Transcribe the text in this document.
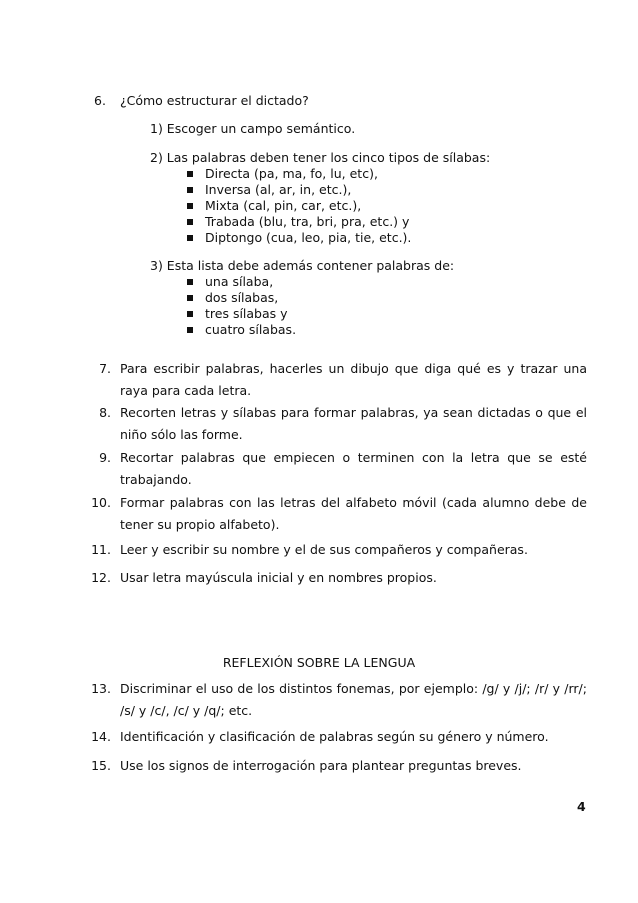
6. ¿Cómo estructurar el dictado?
1) Escoger un campo semántico.
2) Las palabras deben tener los cinco tipos de sílabas:
Directa (pa, ma, fo, lu, etc),
Inversa (al, ar, in, etc.),
Mixta (cal, pin, car, etc.),
Trabada (blu, tra, bri, pra, etc.) y
Diptongo (cua, leo, pia, tie, etc.).
3) Esta lista debe además contener palabras de:
una sílaba,
dos sílabas,
tres sílabas y
cuatro sílabas.
7. Para escribir palabras, hacerles un dibujo que diga qué es y trazar una raya para cada letra.
8. Recorten letras y sílabas para formar palabras, ya sean dictadas o que el niño sólo las forme.
9. Recortar palabras que empiecen o terminen con la letra que se esté trabajando.
10. Formar palabras con las letras del alfabeto móvil (cada alumno debe de tener su propio alfabeto).
11. Leer y escribir su nombre y el de sus compañeros y compañeras.
12. Usar letra mayúscula inicial y en nombres propios.
REFLEXIÓN SOBRE LA LENGUA
13. Discriminar el uso de los distintos fonemas, por ejemplo: /g/ y /j/; /r/ y /rr/; /s/ y /c/, /c/ y /q/; etc.
14. Identificación y clasificación de palabras según su género y número.
15. Use los signos de interrogación para plantear preguntas breves.
4
